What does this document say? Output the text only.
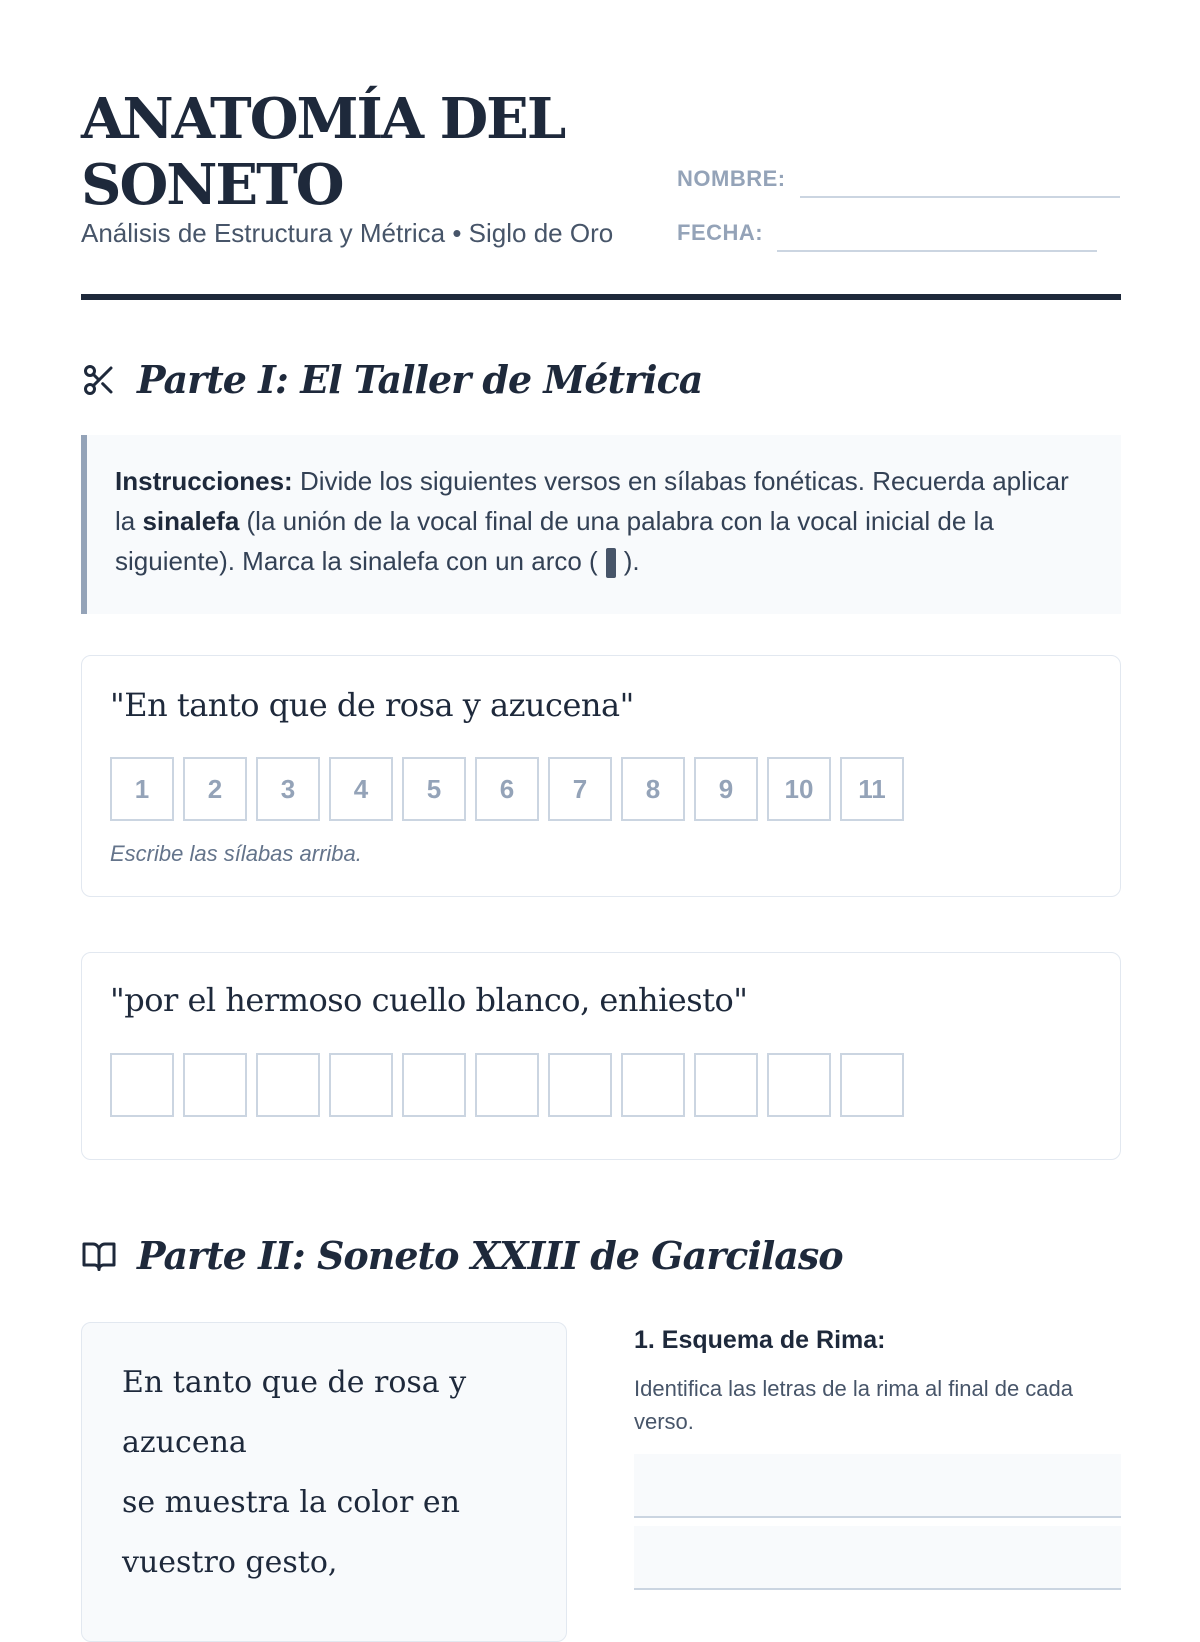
ANATOMÍA DEL
SONETO
Análisis de Estructura y Métrica • Siglo de Oro
NOMBRE:
FECHA:
Parte I: El Taller de Métrica
Instrucciones: Divide los siguientes versos en sílabas fonéticas. Recuerda aplicar la sinalefa (la unión de la vocal final de una palabra con la vocal inicial de la siguiente). Marca la sinalefa con un arco ( ).
"En tanto que de rosa y azucena"
1	2	3	4	5	6	7	8	9	10	11
Escribe las sílabas arriba.
"por el hermoso cuello blanco, enhiesto"
Parte II: Soneto XXIII de Garcilaso
En tanto que de rosa y
azucena
se muestra la color en
vuestro gesto,
1. Esquema de Rima:
Identifica las letras de la rima al final de cada verso.
